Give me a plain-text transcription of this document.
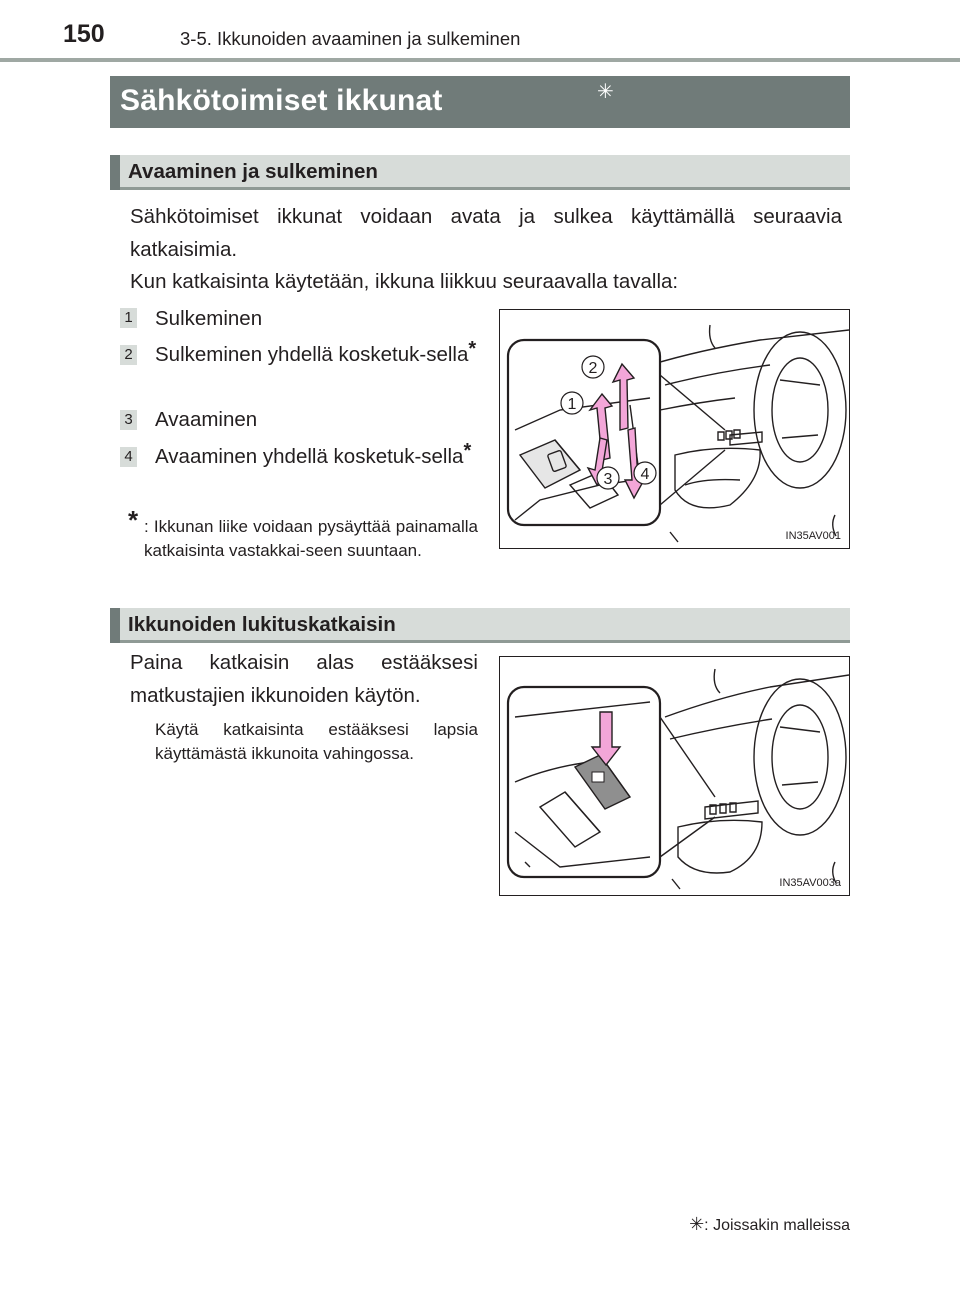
150	3-5. Ikkunoiden avaaminen ja sulkeminen
Sähkötoimiset ikkunat	✳
Avaaminen ja sulkeminen
Sähkötoimiset ikkunat voidaan avata ja sulkea käyttämällä seuraavia katkaisimia.
Kun katkaisinta käytetään, ikkuna liikkuu seuraavalla tavalla:
1 Sulkeminen
2 Sulkeminen yhdellä kosketuk-sella*
3 Avaaminen
4 Avaaminen yhdellä kosketuk-sella*
* : Ikkunan liike voidaan pysäyttää painamalla katkaisinta vastakkai-seen suuntaan.
2
1
3 4
IN35AV001
Ikkunoiden lukituskatkaisin
Paina katkaisin alas estääksesi matkustajien ikkunoiden käytön.
Käytä katkaisinta estääksesi lapsia käyttämästä ikkunoita vahingossa.
IN35AV003a
✳: Joissakin malleissa
